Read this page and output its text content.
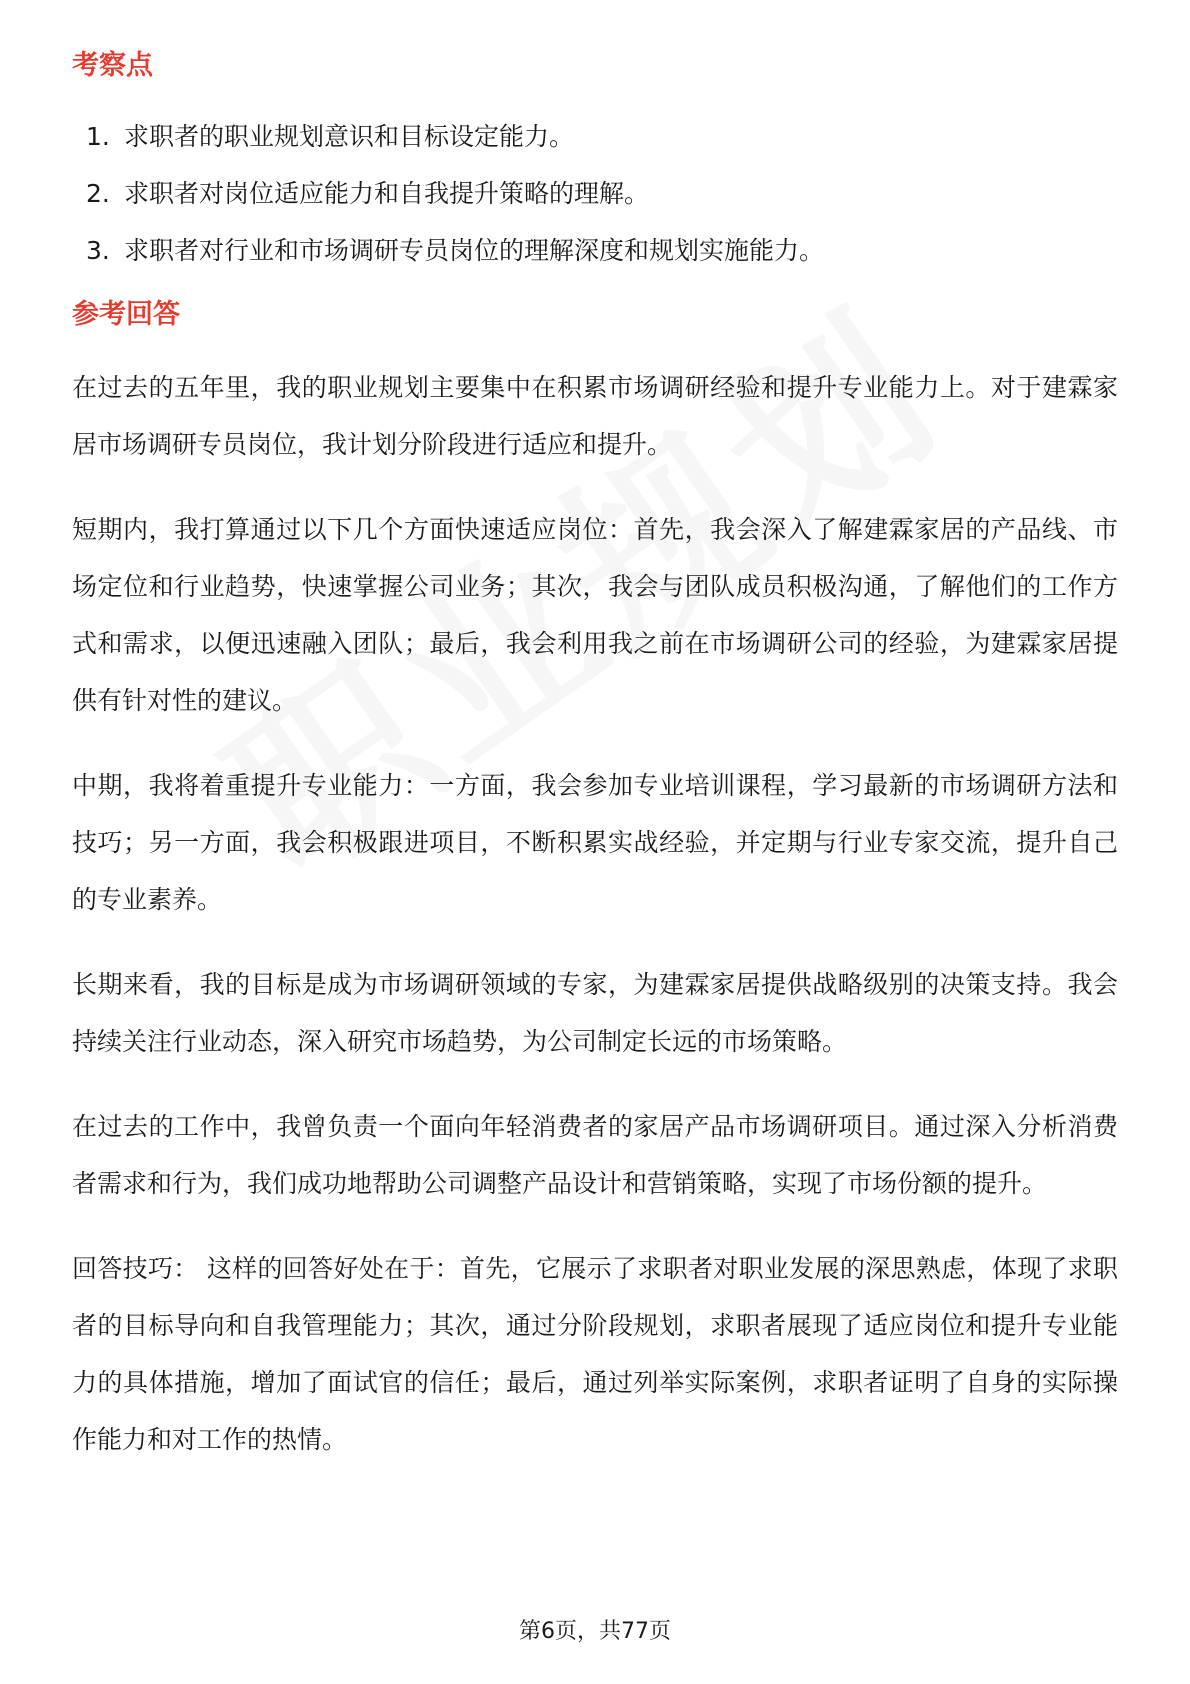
考察点
1. 求职者的职业规划意识和目标设定能力。
2. 求职者对岗位适应能力和自我提升策略的理解。
3. 求职者对行业和市场调研专员岗位的理解深度和规划实施能力。
参考回答

在过去的五年里，我的职业规划主要集中在积累市场调研经验和提升专业能力上。对于建霖家居市场调研专员岗位，我计划分阶段进行适应和提升。

短期内，我打算通过以下几个方面快速适应岗位：首先，我会深入了解建霖家居的产品线、市场定位和行业趋势，快速掌握公司业务；其次，我会与团队成员积极沟通，了解他们的工作方式和需求，以便迅速融入团队；最后，我会利用我之前在市场调研公司的经验，为建霖家居提供有针对性的建议。

中期，我将着重提升专业能力：一方面，我会参加专业培训课程，学习最新的市场调研方法和技巧；另一方面，我会积极跟进项目，不断积累实战经验，并定期与行业专家交流，提升自己的专业素养。

长期来看，我的目标是成为市场调研领域的专家，为建霖家居提供战略级别的决策支持。我会持续关注行业动态，深入研究市场趋势，为公司制定长远的市场策略。

在过去的工作中，我曾负责一个面向年轻消费者的家居产品市场调研项目。通过深入分析消费者需求和行为，我们成功地帮助公司调整产品设计和营销策略，实现了市场份额的提升。

回答技巧： 这样的回答好处在于：首先，它展示了求职者对职业发展的深思熟虑，体现了求职者的目标导向和自我管理能力；其次，通过分阶段规划，求职者展现了适应岗位和提升专业能力的具体措施，增加了面试官的信任；最后，通过列举实际案例，求职者证明了自身的实际操作能力和对工作的热情。

第6页，共77页
